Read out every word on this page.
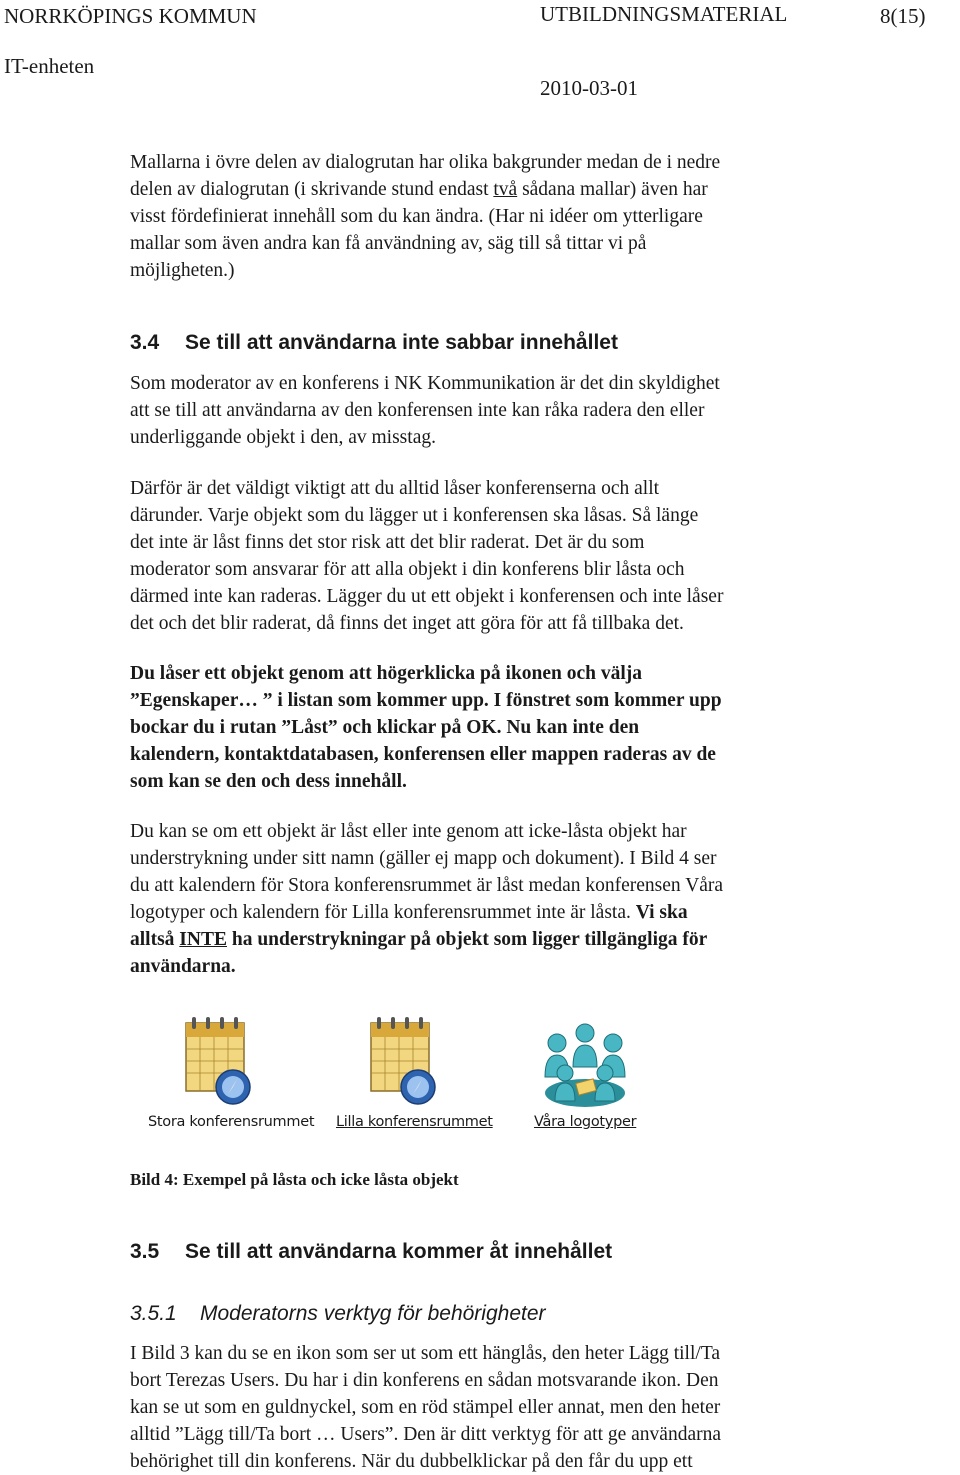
NORRKÖPINGS KOMMUN	UTBILDNINGSMATERIAL	8(15)
IT-enheten
2010-03-01
Mallarna i övre delen av dialogrutan har olika bakgrunder medan de i nedre
delen av dialogrutan (i skrivande stund endast två sådana mallar) även har
visst fördefinierat innehåll som du kan ändra. (Har ni idéer om ytterligare
mallar som även andra kan få användning av, säg till så tittar vi på
möjligheten.)
3.4 Se till att användarna inte sabbar innehållet
Som moderator av en konferens i NK Kommunikation är det din skyldighet
att se till att användarna av den konferensen inte kan råka radera den eller
underliggande objekt i den, av misstag.
Därför är det väldigt viktigt att du alltid låser konferenserna och allt
därunder. Varje objekt som du lägger ut i konferensen ska låsas. Så länge
det inte är låst finns det stor risk att det blir raderat. Det är du som
moderator som ansvarar för att alla objekt i din konferens blir låsta och
därmed inte kan raderas. Lägger du ut ett objekt i konferensen och inte låser
det och det blir raderat, då finns det inget att göra för att få tillbaka det.
Du låser ett objekt genom att högerklicka på ikonen och välja
”Egenskaper… ” i listan som kommer upp. I fönstret som kommer upp
bockar du i rutan ”Låst” och klickar på OK. Nu kan inte den
kalendern, kontaktdatabasen, konferensen eller mappen raderas av de
som kan se den och dess innehåll.
Du kan se om ett objekt är låst eller inte genom att icke-låsta objekt har
understrykning under sitt namn (gäller ej mapp och dokument). I Bild 4 ser
du att kalendern för Stora konferensrummet är låst medan konferensen Våra
logotyper och kalendern för Lilla konferensrummet inte är låsta. Vi ska
alltså INTE ha understrykningar på objekt som ligger tillgängliga för
användarna.
Stora konferensrummet Lilla konferensrummet	Våra logotyper
Bild 4: Exempel på låsta och icke låsta objekt
3.5 Se till att användarna kommer åt innehållet
3.5.1 Moderatorns verktyg för behörigheter
I Bild 3 kan du se en ikon som ser ut som ett hänglås, den heter Lägg till/Ta
bort Terezas Users. Du har i din konferens en sådan motsvarande ikon. Den
kan se ut som en guldnyckel, som en röd stämpel eller annat, men den heter
alltid ”Lägg till/Ta bort … Users”. Den är ditt verktyg för att ge användarna
behörighet till din konferens. När du dubbelklickar på den får du upp ett
